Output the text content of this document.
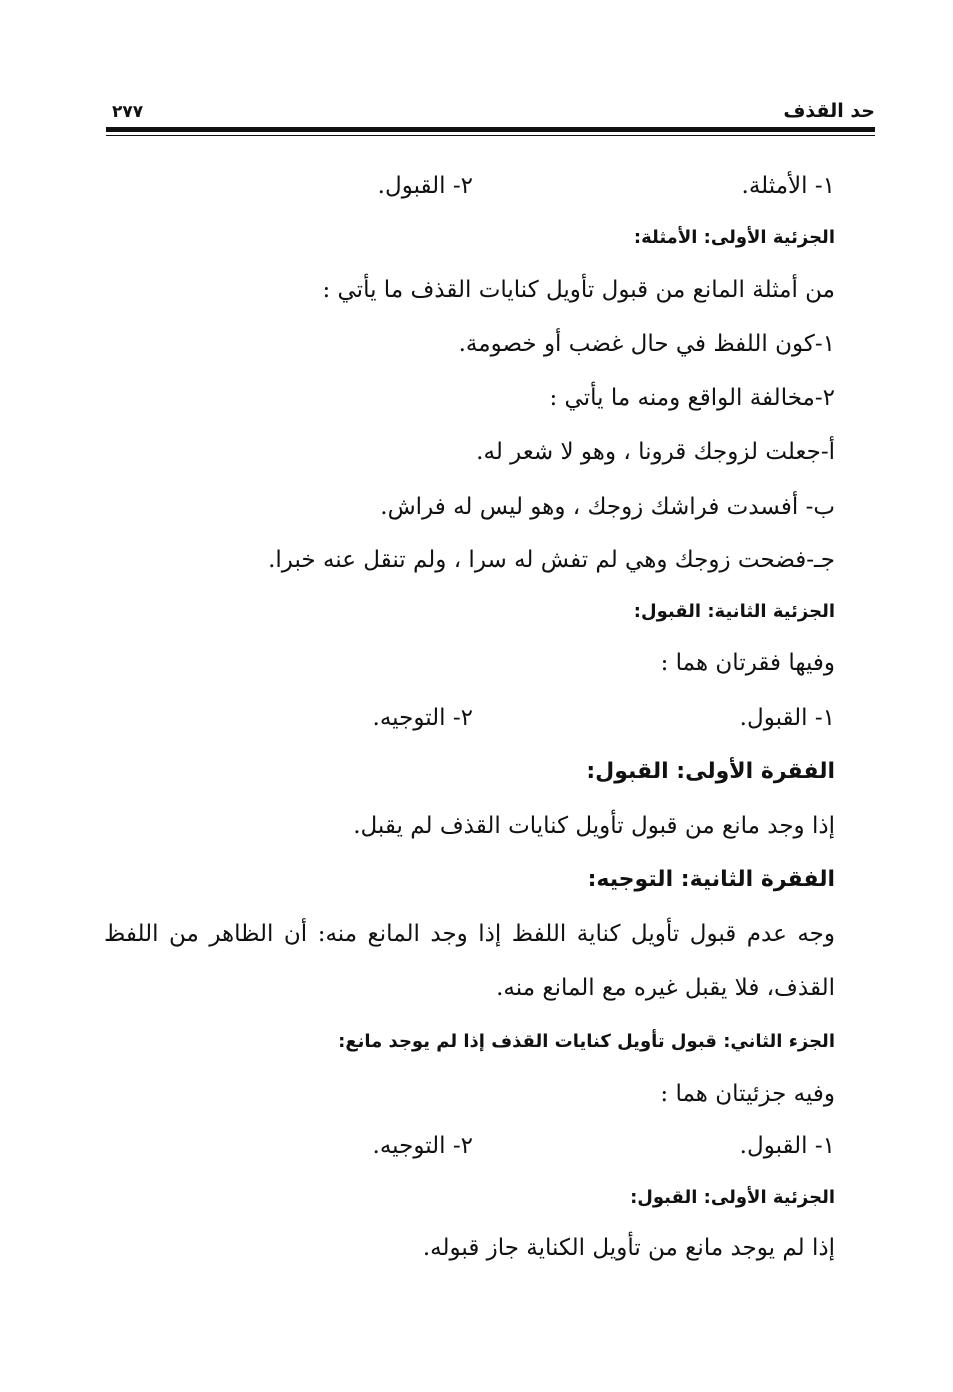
حد القذف
٢٧٧
١- الأمثلة.
٢- القبول.
الجزئية الأولى: الأمثلة:
من أمثلة المانع من قبول تأويل كنايات القذف ما يأتي :
١-كون اللفظ في حال غضب أو خصومة.
٢-مخالفة الواقع ومنه ما يأتي :
أ-جعلت لزوجك قرونا ، وهو لا شعر له.
ب- أفسدت فراشك زوجك ، وهو ليس له فراش.
جـ-فضحت زوجك وهي لم تفش له سرا ، ولم تنقل عنه خبرا.
الجزئية الثانية: القبول:
وفيها فقرتان هما :
١- القبول.
٢- التوجيه.
الفقرة الأولى: القبول:
إذا وجد مانع من قبول تأويل كنايات القذف لم يقبل.
الفقرة الثانية: التوجيه:
وجه عدم قبول تأويل كناية اللفظ إذا وجد المانع منه: أن الظاهر من اللفظ
القذف، فلا يقبل غيره مع المانع منه.
الجزء الثاني: قبول تأويل كنايات القذف إذا لم يوجد مانع:
وفيه جزئيتان هما :
١- القبول.
٢- التوجيه.
الجزئية الأولى: القبول:
إذا لم يوجد مانع من تأويل الكناية جاز قبوله.
